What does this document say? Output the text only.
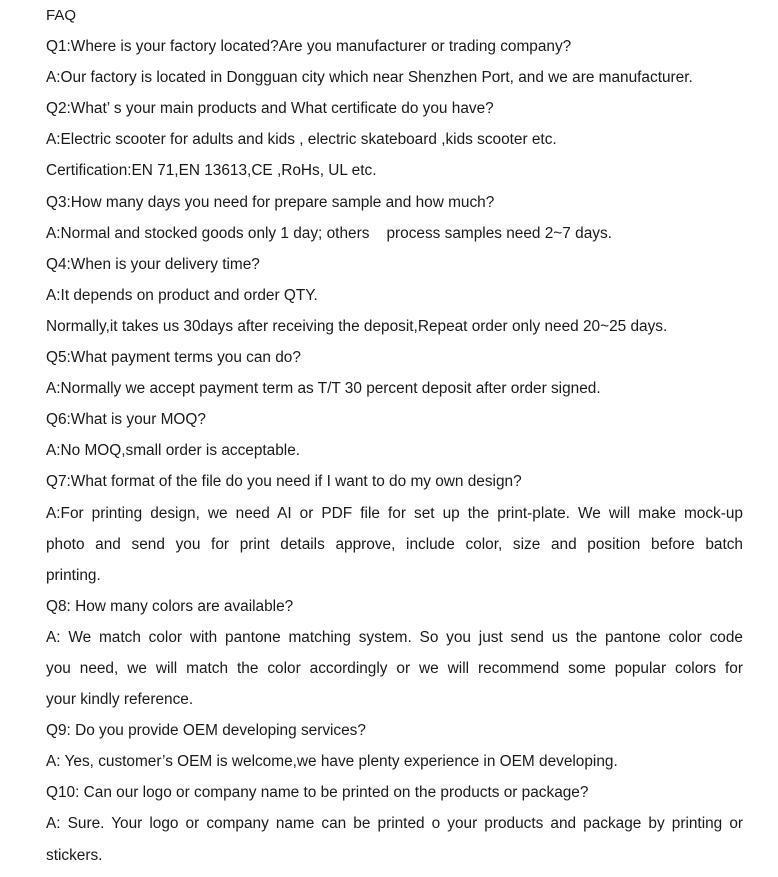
FAQ
Q1:Where is your factory located?Are you manufacturer or trading company?
A:Our factory is located in Dongguan city which near Shenzhen Port, and we are manufacturer.
Q2:What’ s your main products and What certificate do you have?
A:Electric scooter for adults and kids , electric skateboard ,kids scooter etc.
Certification:EN 71,EN 13613,CE ,RoHs, UL etc.
Q3:How many days you need for prepare sample and how much?
A:Normal and stocked goods only 1 day; others    process samples need 2~7 days.
Q4:When is your delivery time?
A:It depends on product and order QTY.
Normally,it takes us 30days after receiving the deposit,Repeat order only need 20~25 days.
Q5:What payment terms you can do?
A:Normally we accept payment term as T/T 30 percent deposit after order signed.
Q6:What is your MOQ?
A:No MOQ,small order is acceptable.
Q7:What format of the file do you need if I want to do my own design?
A:For printing design, we need AI or PDF file for set up the print-plate. We will make mock-up
photo and send you for print details approve, include color, size and position before batch
printing.
Q8: How many colors are available?
A: We match color with pantone matching system. So you just send us the pantone color code
you need, we will match the color accordingly or we will recommend some popular colors for
your kindly reference.
Q9: Do you provide OEM developing services?
A: Yes, customer’s OEM is welcome,we have plenty experience in OEM developing.
Q10: Can our logo or company name to be printed on the products or package?
A: Sure. Your logo or company name can be printed o your products and package by printing or
stickers.
